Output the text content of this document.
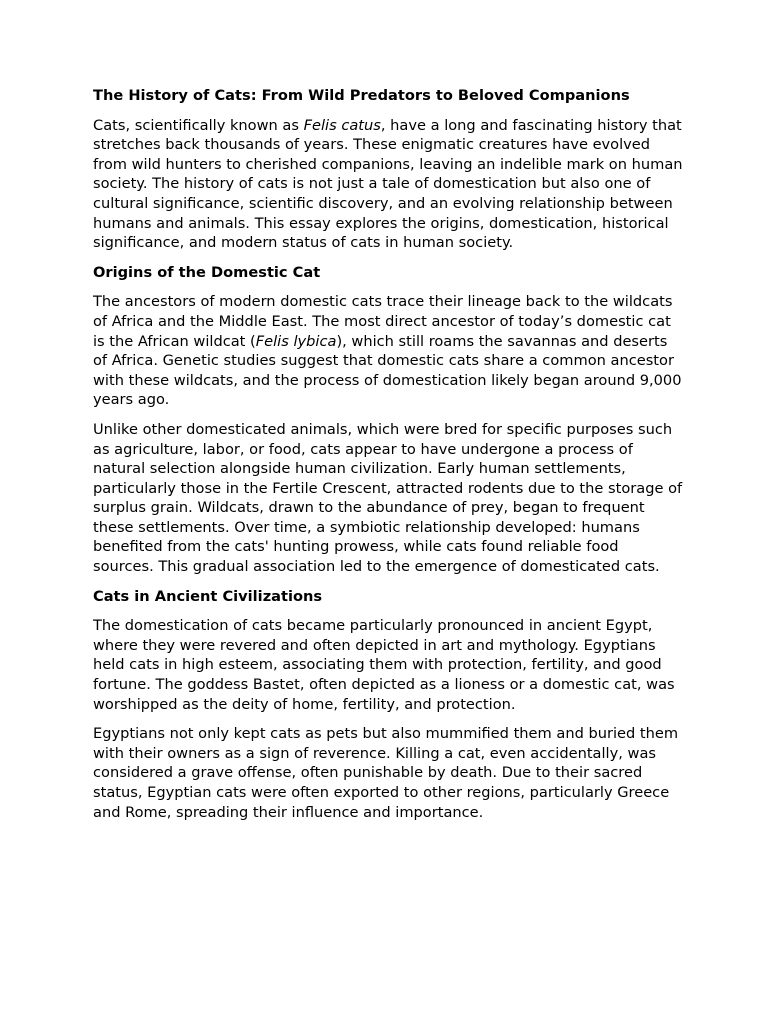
The History of Cats: From Wild Predators to Beloved Companions

Cats, scientifically known as Felis catus, have a long and fascinating history that stretches back thousands of years. These enigmatic creatures have evolved from wild hunters to cherished companions, leaving an indelible mark on human society. The history of cats is not just a tale of domestication but also one of cultural significance, scientific discovery, and an evolving relationship between humans and animals. This essay explores the origins, domestication, historical significance, and modern status of cats in human society.

Origins of the Domestic Cat

The ancestors of modern domestic cats trace their lineage back to the wildcats of Africa and the Middle East. The most direct ancestor of today’s domestic cat is the African wildcat (Felis lybica), which still roams the savannas and deserts of Africa. Genetic studies suggest that domestic cats share a common ancestor with these wildcats, and the process of domestication likely began around 9,000 years ago.

Unlike other domesticated animals, which were bred for specific purposes such as agriculture, labor, or food, cats appear to have undergone a process of natural selection alongside human civilization. Early human settlements, particularly those in the Fertile Crescent, attracted rodents due to the storage of surplus grain. Wildcats, drawn to the abundance of prey, began to frequent these settlements. Over time, a symbiotic relationship developed: humans benefited from the cats' hunting prowess, while cats found reliable food sources. This gradual association led to the emergence of domesticated cats.

Cats in Ancient Civilizations

The domestication of cats became particularly pronounced in ancient Egypt, where they were revered and often depicted in art and mythology. Egyptians held cats in high esteem, associating them with protection, fertility, and good fortune. The goddess Bastet, often depicted as a lioness or a domestic cat, was worshipped as the deity of home, fertility, and protection.

Egyptians not only kept cats as pets but also mummified them and buried them with their owners as a sign of reverence. Killing a cat, even accidentally, was considered a grave offense, often punishable by death. Due to their sacred status, Egyptian cats were often exported to other regions, particularly Greece and Rome, spreading their influence and importance.
